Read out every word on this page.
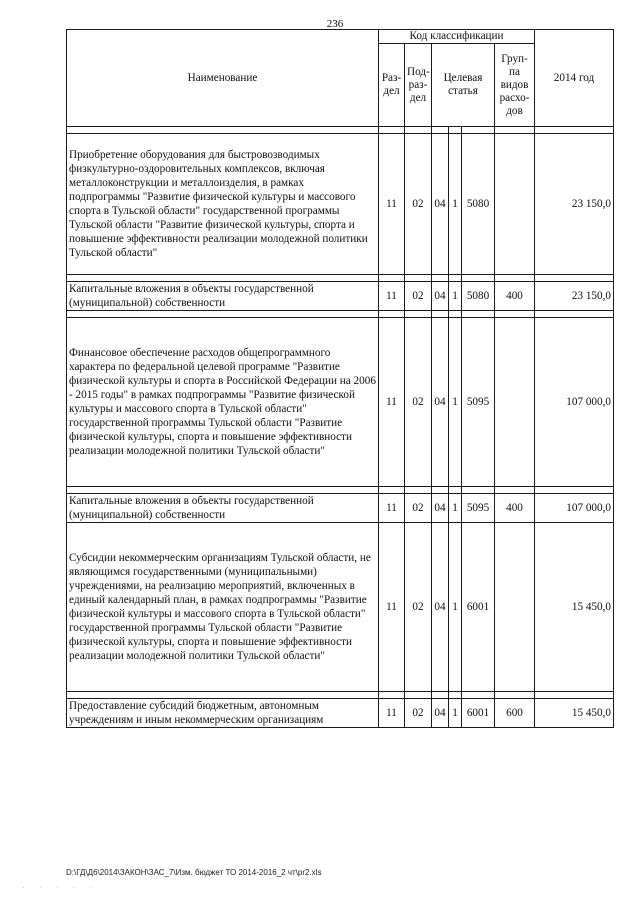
236
Наименование	Код классификации						2014 год
	Раз-дел	Под-раз-дел	Целевая статья			Груп-па видов расхо-дов	

Приобретение оборудования для быстровозводимых физкультурно-оздоровительных комплексов, включая металлоконструкции и металлоизделия, в рамках подпрограммы "Развитие физической культуры и массового спорта в Тульской области" государственной программы Тульской области "Развитие физической культуры, спорта и повышение эффективности реализации молодежной политики Тульской области"	11	02	04	1	5080		23 150,0

Капитальные вложения в объекты государственной (муниципальной) собственности	11	02	04	1	5080	400	23 150,0

Финансовое обеспечение расходов общепрограммного характера по федеральной целевой программе "Развитие физической культуры и спорта в Российской Федерации на 2006 - 2015 годы" в рамках подпрограммы "Развитие физической культуры и массового спорта в Тульской области" государственной программы Тульской области "Развитие физической культуры, спорта и повышение эффективности реализации молодежной политики Тульской области"	11	02	04	1	5095		107 000,0

Капитальные вложения в объекты государственной (муниципальной) собственности	11	02	04	1	5095	400	107 000,0
Субсидии некоммерческим организациям Тульской области, не являющимся государственными (муниципальными) учреждениями, на реализацию мероприятий, включенных в единый календарный план, в рамках подпрограммы "Развитие физической культуры и массового спорта в Тульской области" государственной программы Тульской области "Развитие физической культуры, спорта и повышение эффективности реализации молодежной политики Тульской области"	11	02	04	1	6001		15 450,0

Предоставление субсидий бюджетным, автономным учреждениям и иным некоммерческим организациям	11	02	04	1	6001	600	15 450,0
D:\ГД\Д6\2014\ЗАКОН\ЗАС_7\Изм. бюджет ТО 2014-2016_2 чт\pr2.xls
· · · · ·
